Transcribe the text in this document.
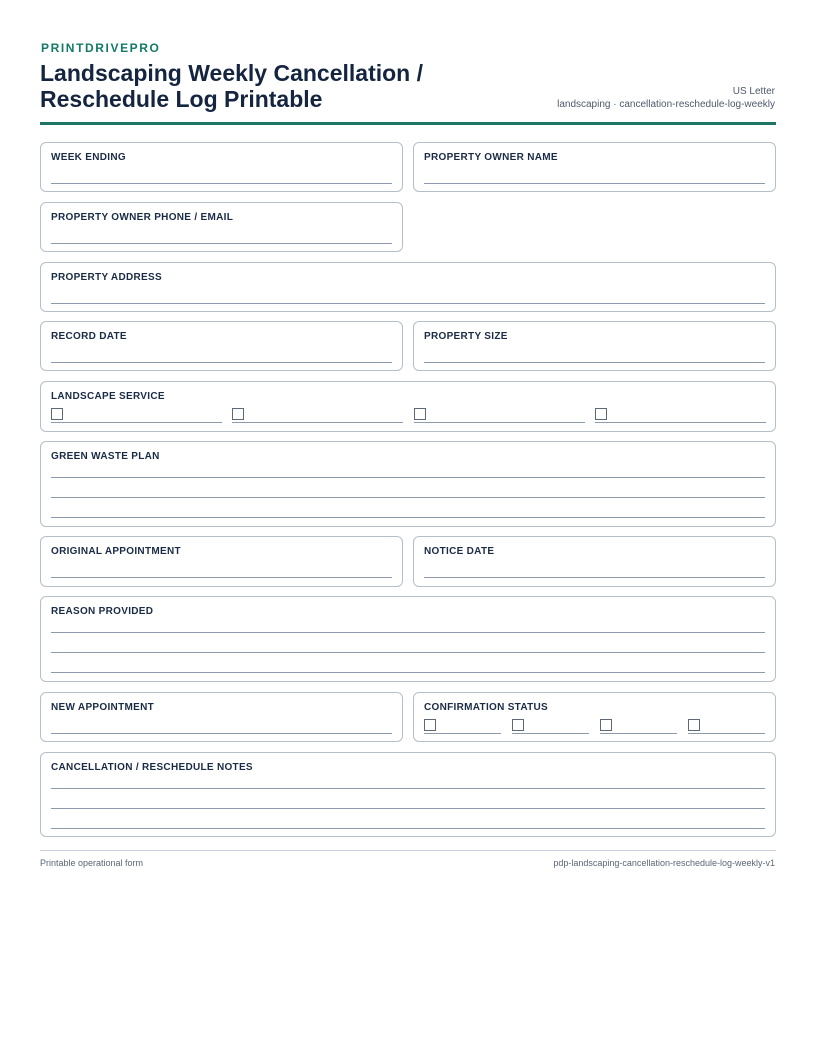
PRINTDRIVEPRO
Landscaping Weekly Cancellation / Reschedule Log Printable	US Letter
landscaping · cancellation-reschedule-log-weekly
WEEK ENDING	PROPERTY OWNER NAME
PROPERTY OWNER PHONE / EMAIL
PROPERTY ADDRESS
RECORD DATE	PROPERTY SIZE
LANDSCAPE SERVICE
GREEN WASTE PLAN
ORIGINAL APPOINTMENT	NOTICE DATE
REASON PROVIDED
NEW APPOINTMENT	CONFIRMATION STATUS
CANCELLATION / RESCHEDULE NOTES
Printable operational form	pdp-landscaping-cancellation-reschedule-log-weekly-v1
